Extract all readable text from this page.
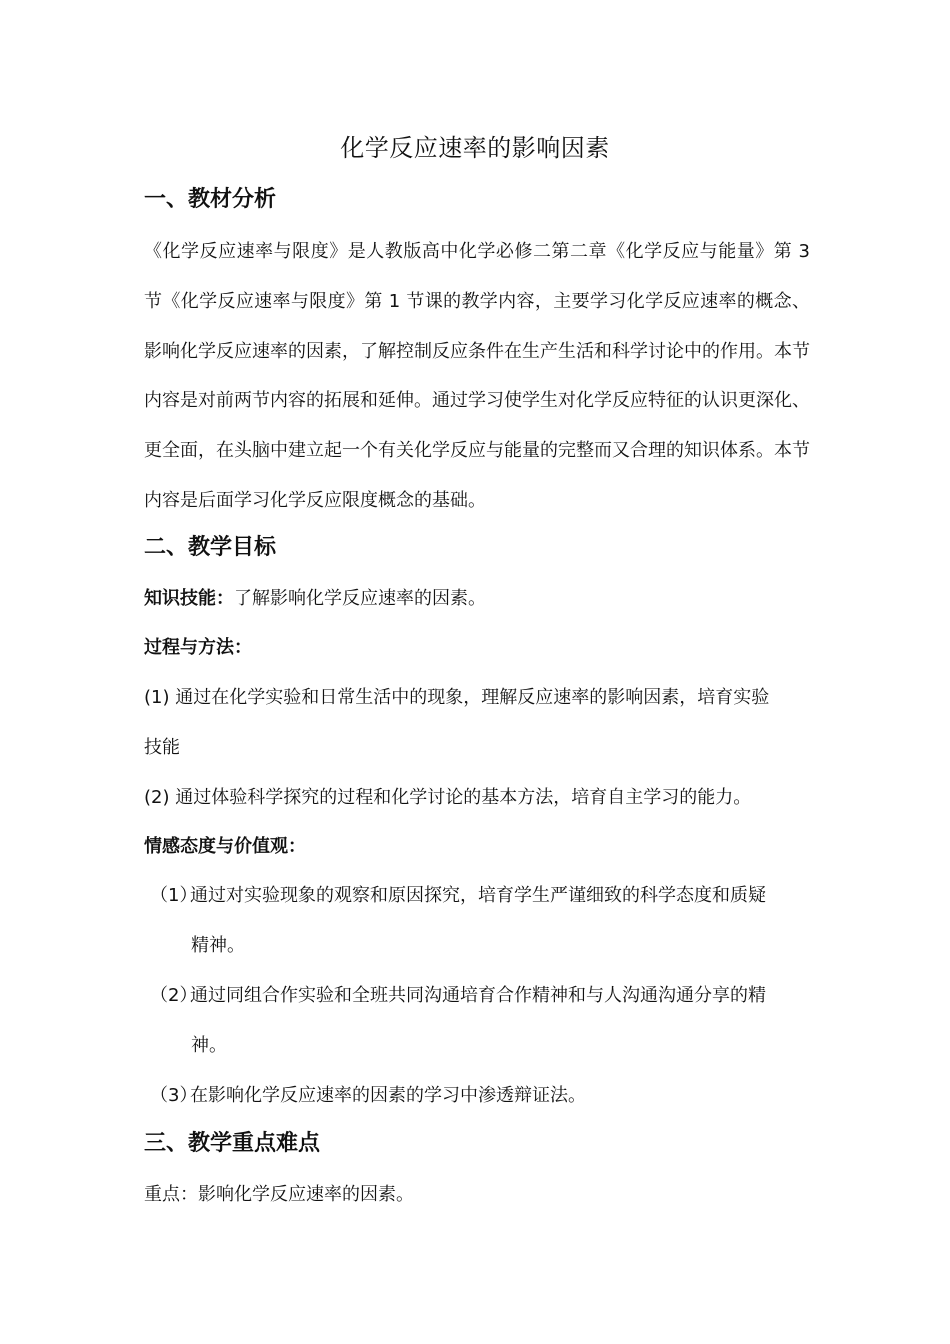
化学反应速率的影响因素
一、教材分析

《化学反应速率与限度》是人教版高中化学必修二第二章《化学反应与能量》第 3 节《化学反应速率与限度》第 1 节课的教学内容，主要学习化学反应速率的概念、影响化学反应速率的因素，了解控制反应条件在生产生活和科学讨论中的作用。本节内容是对前两节内容的拓展和延伸。通过学习使学生对化学反应特征的认识更深化、更全面，在头脑中建立起一个有关化学反应与能量的完整而又合理的知识体系。本节内容是后面学习化学反应限度概念的基础。

二、教学目标

知识技能：了解影响化学反应速率的因素。

过程与方法：

(1) 通过在化学实验和日常生活中的现象，理解反应速率的影响因素，培育实验

技能

(2) 通过体验科学探究的过程和化学讨论的基本方法，培育自主学习的能力。

情感态度与价值观：

（1）通过对实验现象的观察和原因探究，培育学生严谨细致的科学态度和质疑
精神。
（2）通过同组合作实验和全班共同沟通培育合作精神和与人沟通沟通分享的精
神。
（3）在影响化学反应速率的因素的学习中渗透辩证法。
三、教学重点难点

重点：影响化学反应速率的因素。
